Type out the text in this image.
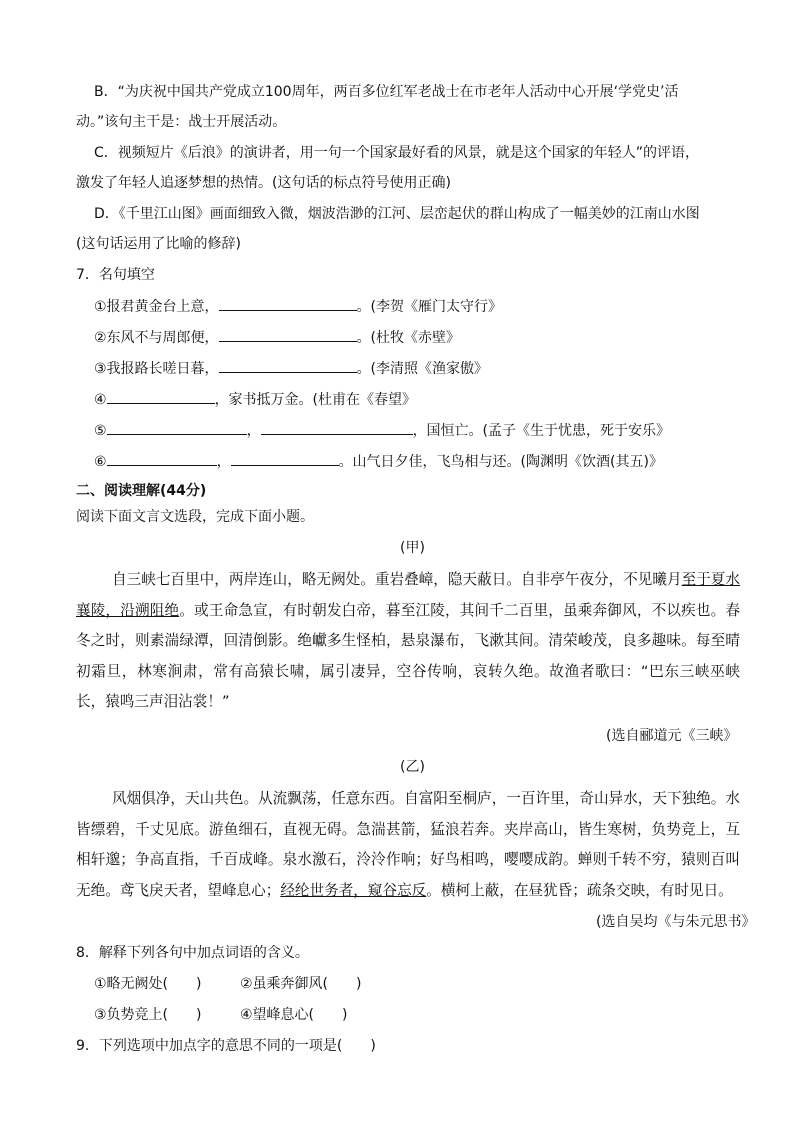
B．“为庆祝中国共产党成立100周年，两百多位红军老战士在市老年人活动中心开展‘学党史’活
动。”该句主干是：战士开展活动。
C．视频短片《后浪》的演讲者，用一句一个国家最好看的风景，就是这个国家的年轻人”的评语，
激发了年轻人追逐梦想的热情。(这句话的标点符号使用正确)
D．《千里江山图》画面细致入微，烟波浩渺的江河、层峦起伏的群山构成了一幅美妙的江南山水图
(这句话运用了比喻的修辞)
7．名句填空
①报君黄金台上意，	。(李贺《雁门太守行》
②东风不与周郎便，	。(杜牧《赤壁》
③我报路长嗟日暮，	。(李清照《渔家傲》
④	，家书抵万金。(杜甫在《春望》
⑤	，	，国恒亡。(孟子《生于忧患，死于安乐》
⑥	，	。山气日夕佳，飞鸟相与还。(陶渊明《饮酒(其五)》
二、阅读理解(44分)
阅读下面文言文选段，完成下面小题。
(甲)
自三峡七百里中，两岸连山，略无阙处。重岩叠嶂，隐天蔽日。自非亭午夜分，不见曦月至于夏水襄陵，沿溯阻绝。或王命急宣，有时朝发白帝，暮至江陵，其间千二百里，虽乘奔御风，不以疾也。春冬之时，则素湍绿潭，回清倒影。绝巘多生怪柏，悬泉瀑布，飞漱其间。清荣峻茂，良多趣味。每至晴初霜旦，林寒涧肃，常有高猿长啸，属引凄异，空谷传响，哀转久绝。故渔者歌曰：“巴东三峡巫峡长，猿鸣三声泪沾裳！”
(选自郦道元《三峡》
(乙)
风烟俱净，天山共色。从流飘荡，任意东西。自富阳至桐庐，一百许里，奇山异水，天下独绝。水皆缥碧，千丈见底。游鱼细石，直视无碍。急湍甚箭，猛浪若奔。夹岸高山，皆生寒树，负势竞上，互相轩邈；争高直指，千百成峰。泉水激石，泠泠作响；好鸟相鸣，嘤嘤成韵。蝉则千转不穷，猿则百叫无绝。鸢飞戾天者，望峰息心；经纶世务者，窥谷忘反。横柯上蔽，在昼犹昏；疏条交映，有时见日。
(选自吴均《与朱元思书》
8．解释下列各句中加点词语的含义。
①略无阙处(　　)	②虽乘奔御风(　　)
③负势竞上(　　)	④望峰息心(　　)
9．下列选项中加点字的意思不同的一项是(　　)
